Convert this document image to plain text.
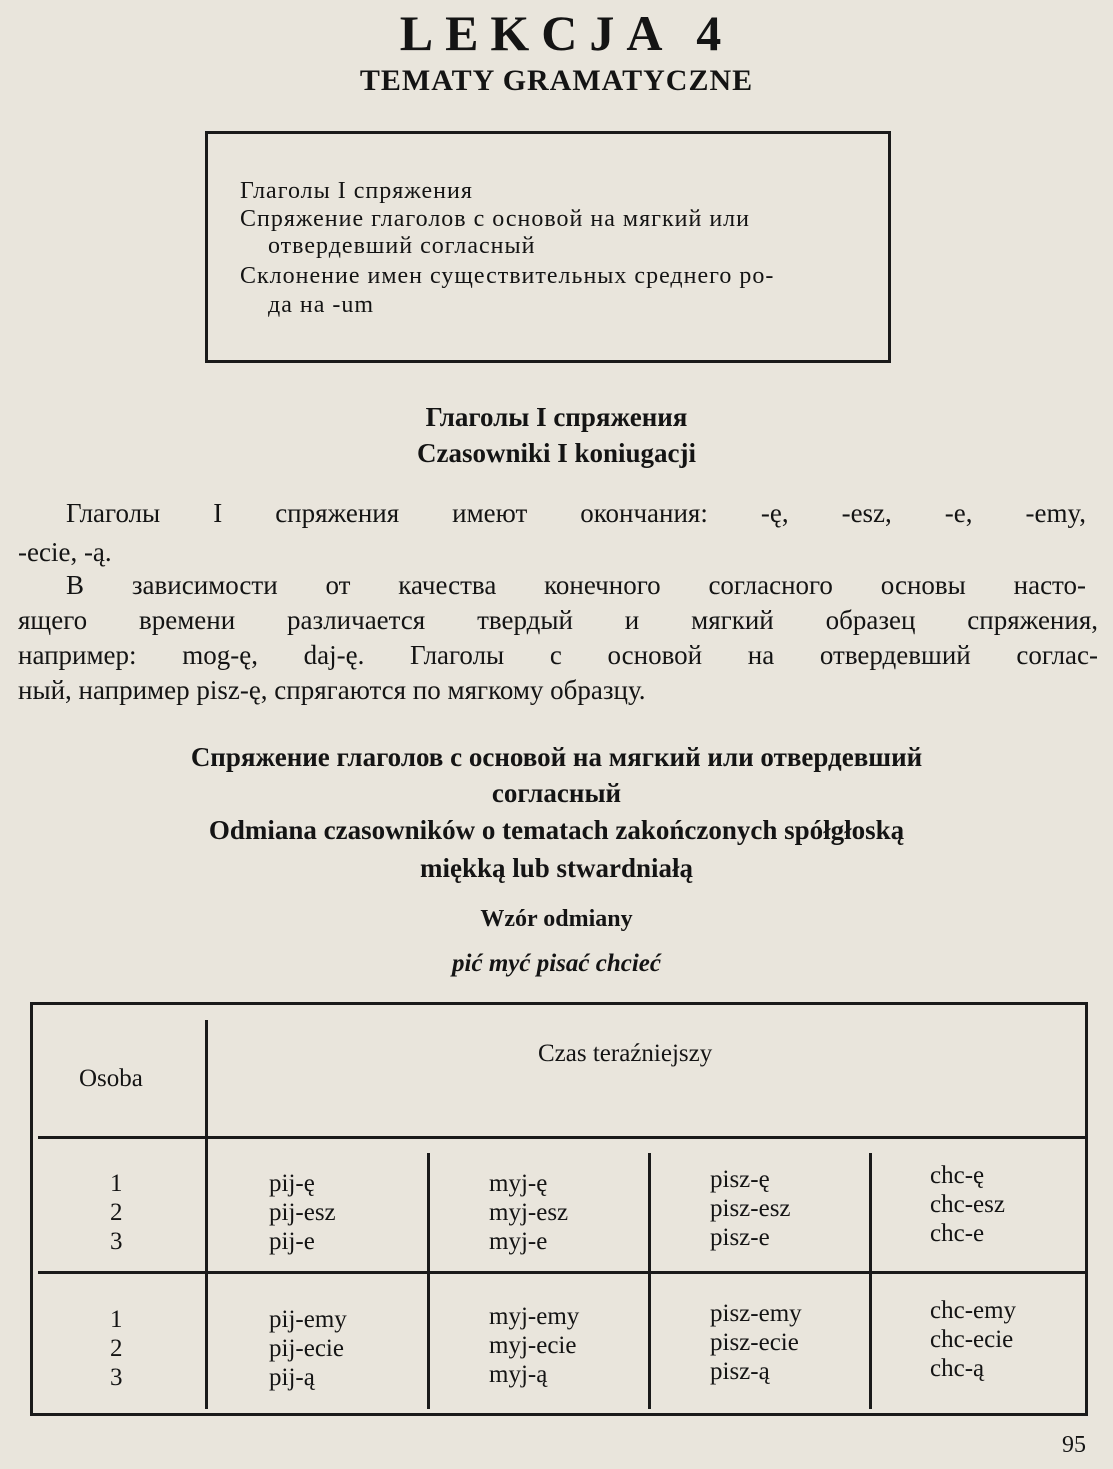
LEKCJA 4
TEMATY GRAMATYCZNE
Глаголы I спряжения
Спряжение глаголов с основой на мягкий или
отвердевший согласный
Склонение имен существительных среднего ро-
да на -um
Глаголы I спряжения
Czasowniki I koniugacji
Глаголы I спряжения имеют окончания: -ę, -esz, -e, -emy,
-ecie, -ą.
В зависимости от качества конечного согласного основы насто-
ящего времени различается твердый и мягкий образец спряжения,
например: mog-ę, daj-ę. Глаголы с основой на отвердевший соглас-
ный, например pisz-ę, спрягаются по мягкому образцу.
Спряжение глаголов с основой на мягкий или отвердевший
согласный
Odmiana czasowników o tematach zakończonych spółgłoską
miękką lub stwardniałą
Wzór odmiany
pić myć pisać chcieć
Osoba
Czas teraźniejszy
1
2
3
pij-ę
pij-esz
pij-e
myj-ę
myj-esz
myj-e
pisz-ę
pisz-esz
pisz-e
chc-ę
chc-esz
chc-e
1
2
3
pij-emy
pij-ecie
pij-ą
myj-emy
myj-ecie
myj-ą
pisz-emy
pisz-ecie
pisz-ą
chc-emy
chc-ecie
chc-ą
95
